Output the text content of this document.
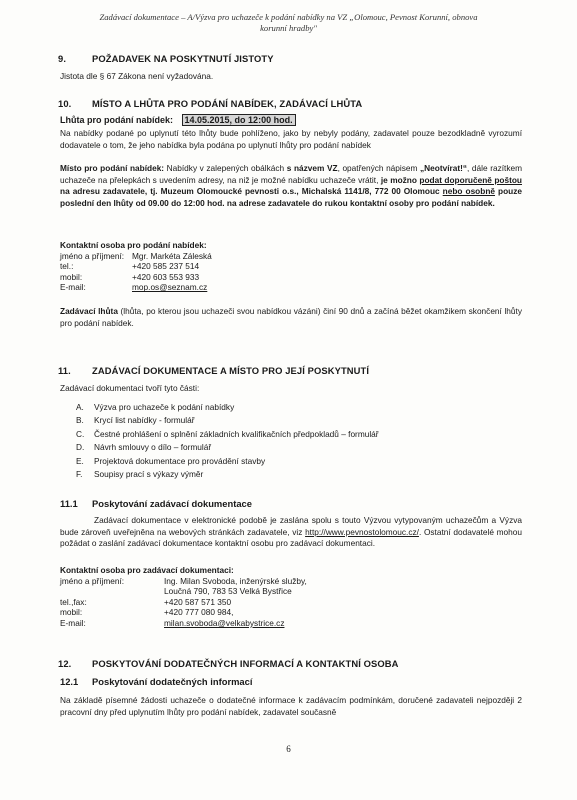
Zadávací dokumentace – A/Výzva pro uchazeče k podání nabídky na VZ „Olomouc, Pevnost Korunní, obnova
korunní hradby"
9.	POŽADAVEK NA POSKYTNUTÍ JISTOTY
Jistota dle § 67 Zákona není vyžadována.
10. MÍSTO A LHŮTA PRO PODÁNÍ NABÍDEK, ZADÁVACÍ LHŮTA
Lhůta pro podání nabídek: 14.05.2015, do 12:00 hod.
Na nabídky podané po uplynutí této lhůty bude pohlíženo, jako by nebyly podány, zadavatel pouze bezodkladně vyrozumí dodavatele o tom, že jeho nabídka byla podána po uplynutí lhůty pro podání nabídek
Místo pro podání nabídek: Nabídky v zalepených obálkách s názvem VZ, opatřených nápisem „Neotvírat!“, dále razítkem uchazeče na přelepkách s uvedením adresy, na niž je možné nabídku uchazeče vrátit, je možno podat doporučeně poštou na adresu zadavatele, tj. Muzeum Olomoucké pevnosti o.s., Michalská 1141/8, 772 00 Olomouc nebo osobně pouze poslední den lhůty od 09.00 do 12:00 hod. na adrese zadavatele do rukou kontaktní osoby pro podání nabídek.
Kontaktní osoba pro podání nabídek:
jméno a příjmení: Mgr. Markéta Záleská
tel.:	+420 585 237 514
mobil:	+420 603 553 933
E-mail:	mop.os@seznam.cz
Zadávací lhůta (lhůta, po kterou jsou uchazeči svou nabídkou vázáni) činí 90 dnů a začíná běžet okamžikem skončení lhůty pro podání nabídek.
11. ZADÁVACÍ DOKUMENTACE A MÍSTO PRO JEJÍ POSKYTNUTÍ
Zadávací dokumentaci tvoří tyto části:
A. Výzva pro uchazeče k podání nabídky
B. Krycí list nabídky - formulář
C. Čestné prohlášení o splnění základních kvalifikačních předpokladů – formulář
D. Návrh smlouvy o dílo – formulář
E. Projektová dokumentace pro provádění stavby
F. Soupisy prací s výkazy výměr
11.1 Poskytování zadávací dokumentace
Zadávací dokumentace v elektronické podobě je zaslána spolu s touto Výzvou vytypovaným uchazečům a Výzva bude zároveň uveřejněna na webových stránkách zadavatele, viz http://www.pevnostolomouc.cz/. Ostatní dodavatelé mohou požádat o zaslání zadávací dokumentace kontaktní osobu pro zadávací dokumentaci.
Kontaktní osoba pro zadávací dokumentaci:
jméno a příjmení:	Ing. Milan Svoboda, inženýrské služby,
Loučná 790, 783 53 Velká Bystřice
tel.,fax:	+420 587 571 350
mobil:	+420 777 080 984,
E-mail:	milan.svoboda@velkabystrice.cz
12. POSKYTOVÁNÍ DODATEČNÝCH INFORMACÍ A KONTAKTNÍ OSOBA
12.1 Poskytování dodatečných informací
Na základě písemné žádosti uchazeče o dodatečné informace k zadávacím podmínkám, doručené zadavateli nejpozději 2 pracovní dny před uplynutím lhůty pro podání nabídek, zadavatel současně
6
